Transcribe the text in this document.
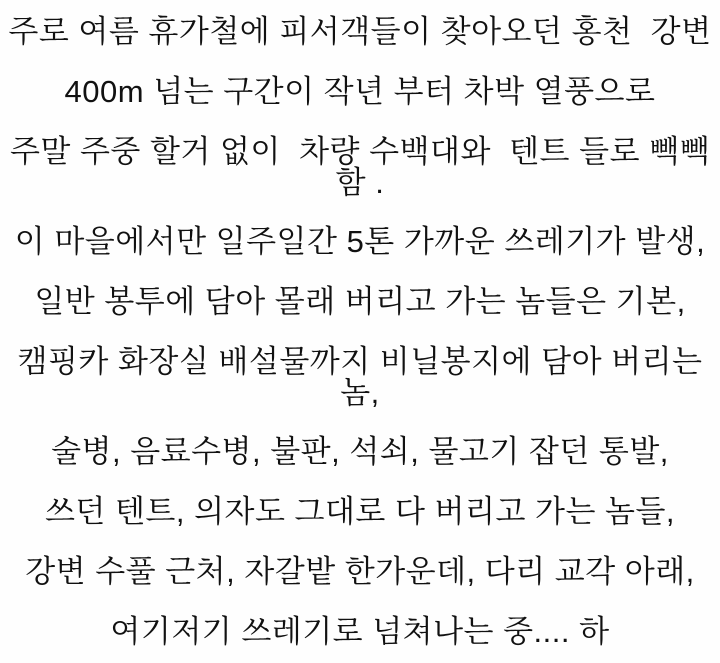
주로 여름 휴가철에 피서객들이 찾아오던 홍천  강변
400m 넘는 구간이 작년 부터 차박 열풍으로
주말 주중 할거 없이  차량 수백대와  텐트 들로 빽빽함 .
이 마을에서만 일주일간 5톤 가까운 쓰레기가 발생,
일반 봉투에 담아 몰래 버리고 가는 놈들은 기본,
캠핑카 화장실 배설물까지 비닐봉지에 담아 버리는 놈,
술병, 음료수병, 불판, 석쇠, 물고기 잡던 통발,
쓰던 텐트, 의자도 그대로 다 버리고 가는 놈들,
강변 수풀 근처, 자갈밭 한가운데, 다리 교각 아래,
여기저기 쓰레기로 넘쳐나는 중.... 하
